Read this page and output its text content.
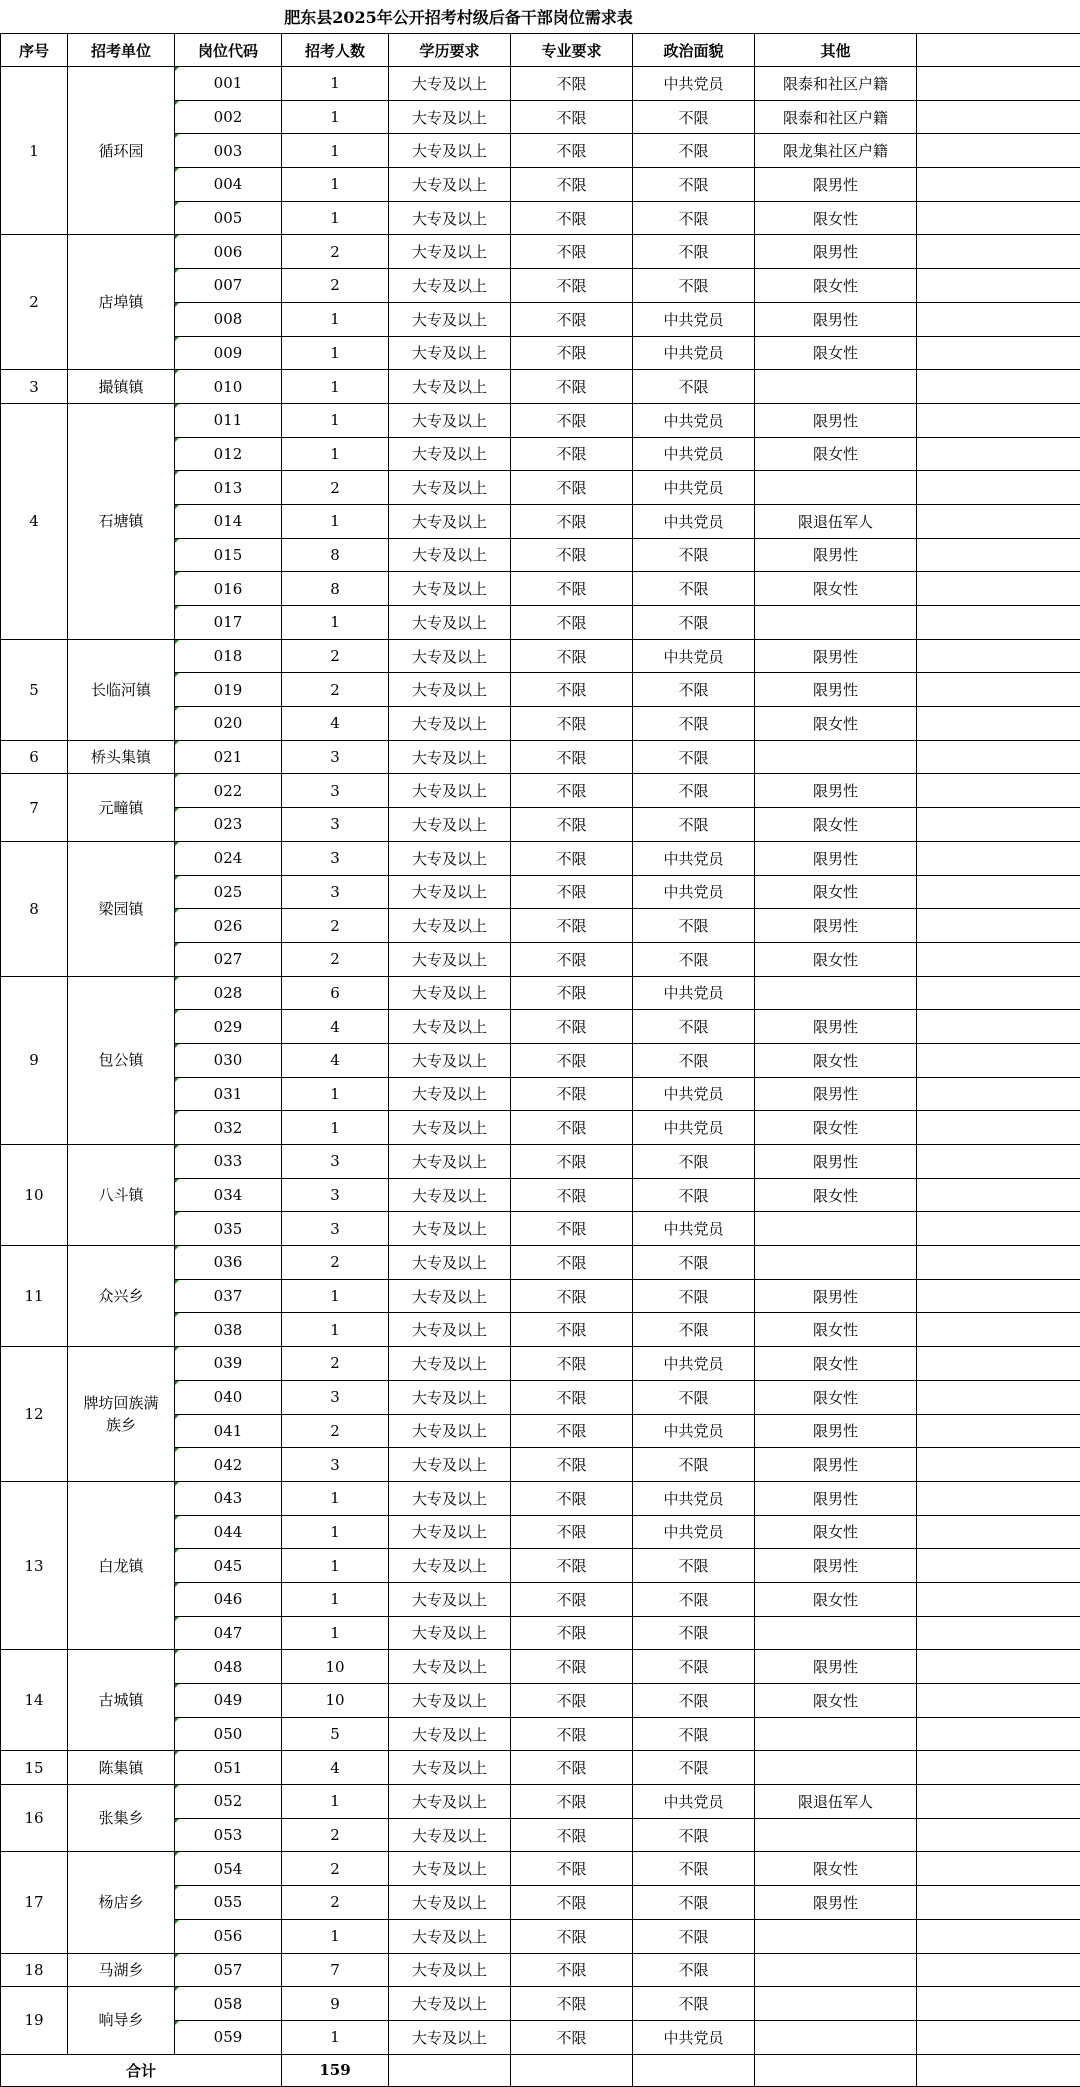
肥东县2025年公开招考村级后备干部岗位需求表								
序号	招考单位	岗位代码	招考人数	学历要求	专业要求	政治面貌	其他	
1	循环园	001	1	大专及以上	不限	中共党员	限泰和社区户籍	
		002	1	大专及以上	不限	不限	限泰和社区户籍	
		003	1	大专及以上	不限	不限	限龙集社区户籍	
		004	1	大专及以上	不限	不限	限男性	
		005	1	大专及以上	不限	不限	限女性	
2	店埠镇	006	2	大专及以上	不限	不限	限男性	
		007	2	大专及以上	不限	不限	限女性	
		008	1	大专及以上	不限	中共党员	限男性	
		009	1	大专及以上	不限	中共党员	限女性	
3	撮镇镇	010	1	大专及以上	不限	不限		
4	石塘镇	011	1	大专及以上	不限	中共党员	限男性	
		012	1	大专及以上	不限	中共党员	限女性	
		013	2	大专及以上	不限	中共党员		
		014	1	大专及以上	不限	中共党员	限退伍军人	
		015	8	大专及以上	不限	不限	限男性	
		016	8	大专及以上	不限	不限	限女性	
		017	1	大专及以上	不限	不限		
5	长临河镇	018	2	大专及以上	不限	中共党员	限男性	
		019	2	大专及以上	不限	不限	限男性	
		020	4	大专及以上	不限	不限	限女性	
6	桥头集镇	021	3	大专及以上	不限	不限		
7	元疃镇	022	3	大专及以上	不限	不限	限男性	
		023	3	大专及以上	不限	不限	限女性	
8	梁园镇	024	3	大专及以上	不限	中共党员	限男性	
		025	3	大专及以上	不限	中共党员	限女性	
		026	2	大专及以上	不限	不限	限男性	
		027	2	大专及以上	不限	不限	限女性	
9	包公镇	028	6	大专及以上	不限	中共党员		
		029	4	大专及以上	不限	不限	限男性	
		030	4	大专及以上	不限	不限	限女性	
		031	1	大专及以上	不限	中共党员	限男性	
		032	1	大专及以上	不限	中共党员	限女性	
10	八斗镇	033	3	大专及以上	不限	不限	限男性	
		034	3	大专及以上	不限	不限	限女性	
		035	3	大专及以上	不限	中共党员		
11	众兴乡	036	2	大专及以上	不限	不限		
		037	1	大专及以上	不限	不限	限男性	
		038	1	大专及以上	不限	不限	限女性	
12	牌坊回族满族乡	039	2	大专及以上	不限	中共党员	限女性	
		040	3	大专及以上	不限	不限	限女性	
		041	2	大专及以上	不限	中共党员	限男性	
		042	3	大专及以上	不限	不限	限男性	
13	白龙镇	043	1	大专及以上	不限	中共党员	限男性	
		044	1	大专及以上	不限	中共党员	限女性	
		045	1	大专及以上	不限	不限	限男性	
		046	1	大专及以上	不限	不限	限女性	
		047	1	大专及以上	不限	不限		
14	古城镇	048	10	大专及以上	不限	不限	限男性	
		049	10	大专及以上	不限	不限	限女性	
		050	5	大专及以上	不限	不限		
15	陈集镇	051	4	大专及以上	不限	不限		
16	张集乡	052	1	大专及以上	不限	中共党员	限退伍军人	
		053	2	大专及以上	不限	不限		
17	杨店乡	054	2	大专及以上	不限	不限	限女性	
		055	2	大专及以上	不限	不限	限男性	
		056	1	大专及以上	不限	不限		
18	马湖乡	057	7	大专及以上	不限	不限		
19	响导乡	058	9	大专及以上	不限	不限		
		059	1	大专及以上	不限	中共党员		
合计			159					
